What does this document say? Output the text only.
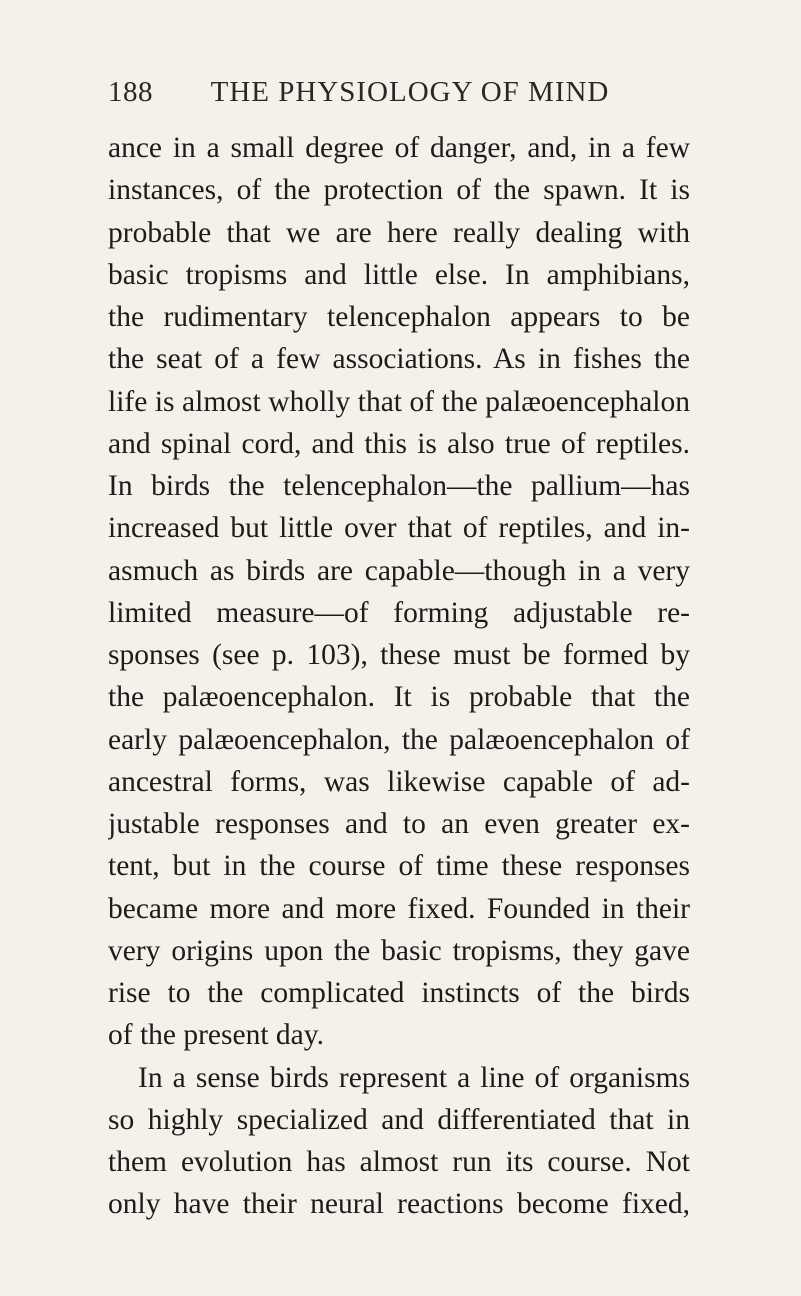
188	THE PHYSIOLOGY OF MIND
ance in a small degree of danger, and, in a few
instances, of the protection of the spawn. It is
probable that we are here really dealing with
basic tropisms and little else. In amphibians,
the rudimentary telencephalon appears to be
the seat of a few associations. As in fishes the
life is almost wholly that of the palæoencephalon
and spinal cord, and this is also true of reptiles.
In birds the telencephalon—the pallium—has
increased but little over that of reptiles, and in-
asmuch as birds are capable—though in a very
limited measure—of forming adjustable re-
sponses (see p. 103), these must be formed by
the palæoencephalon. It is probable that the
early palæoencephalon, the palæoencephalon of
ancestral forms, was likewise capable of ad-
justable responses and to an even greater ex-
tent, but in the course of time these responses
became more and more fixed. Founded in their
very origins upon the basic tropisms, they gave
rise to the complicated instincts of the birds
of the present day.
In a sense birds represent a line of organisms
so highly specialized and differentiated that in
them evolution has almost run its course. Not
only have their neural reactions become fixed,
